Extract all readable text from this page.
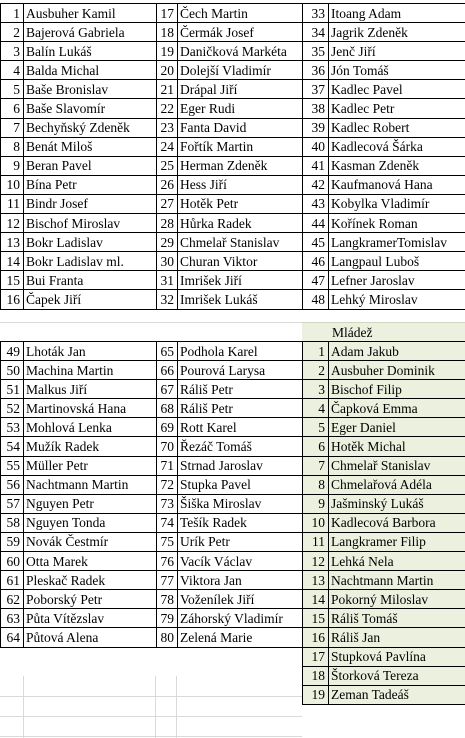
1	Ausbuher Kamil	17	Čech Martin	33	Itoang Adam
2	Bajerová Gabriela	18	Čermák Josef	34	Jagrik Zdeněk
3	Balín Lukáš	19	Daničková Markéta	35	Jenč Jiří
4	Balda Michal	20	Dolejší Vladimír	36	Jón Tomáš
5	Baše Bronislav	21	Drápal Jiří	37	Kadlec Pavel
6	Baše Slavomír	22	Eger Rudi	38	Kadlec Petr
7	Bechyňský Zdeněk	23	Fanta David	39	Kadlec Robert
8	Benát Miloš	24	Fořtík Martin	40	Kadlecová Šárka
9	Beran Pavel	25	Herman Zdeněk	41	Kasman Zdeněk
10	Bína Petr	26	Hess Jiří	42	Kaufmanová Hana
11	Bindr Josef	27	Hotěk Petr	43	Kobylka Vladimír
12	Bischof Miroslav	28	Hůrka Radek	44	Kořínek Roman
13	Bokr Ladislav	29	Chmelař Stanislav	45	LangkramerTomislav
14	Bokr Ladislav ml.	30	Churan Viktor	46	Langpaul Luboš
15	Bui Franta	31	Imrišek Jiří	47	Lefner Jaroslav
16	Čapek Jiří	32	Imrišek Lukáš	48	Lehký Miroslav
Mládež
49	Lhoták Jan	65	Podhola Karel
50	Machina Martin	66	Pourová Larysa
51	Malkus Jiří	67	Ráliš Petr
52	Martinovská Hana	68	Ráliš Petr
53	Mohlová Lenka	69	Rott Karel
54	Mužík Radek	70	Řezáč Tomáš
55	Müller Petr	71	Strnad Jaroslav
56	Nachtmann Martin	72	Stupka Pavel
57	Nguyen Petr	73	Šiška Miroslav
58	Nguyen Tonda	74	Tešík Radek
59	Novák Čestmír	75	Urík Petr
60	Otta Marek	76	Vacík Václav
61	Pleskač Radek	77	Viktora Jan
62	Poborský Petr	78	Voženílek Jiří
63	Půta Vítězslav	79	Záhorský Vladimír
64	Půtová Alena	80	Zelená Marie
1	Adam Jakub
2	Ausbuher Dominik
3	Bischof Filip
4	Čapková Emma
5	Eger Daniel
6	Hotěk Michal
7	Chmelař Stanislav
8	Chmelařová Adéla
9	Jašminský Lukáš
10	Kadlecová Barbora
11	Langkramer Filip
12	Lehká Nela
13	Nachtmann Martin
14	Pokorný Miloslav
15	Ráliš Tomáš
16	Ráliš Jan
17	Stupková Pavlína
18	Štorková Tereza
19	Zeman Tadeáš
